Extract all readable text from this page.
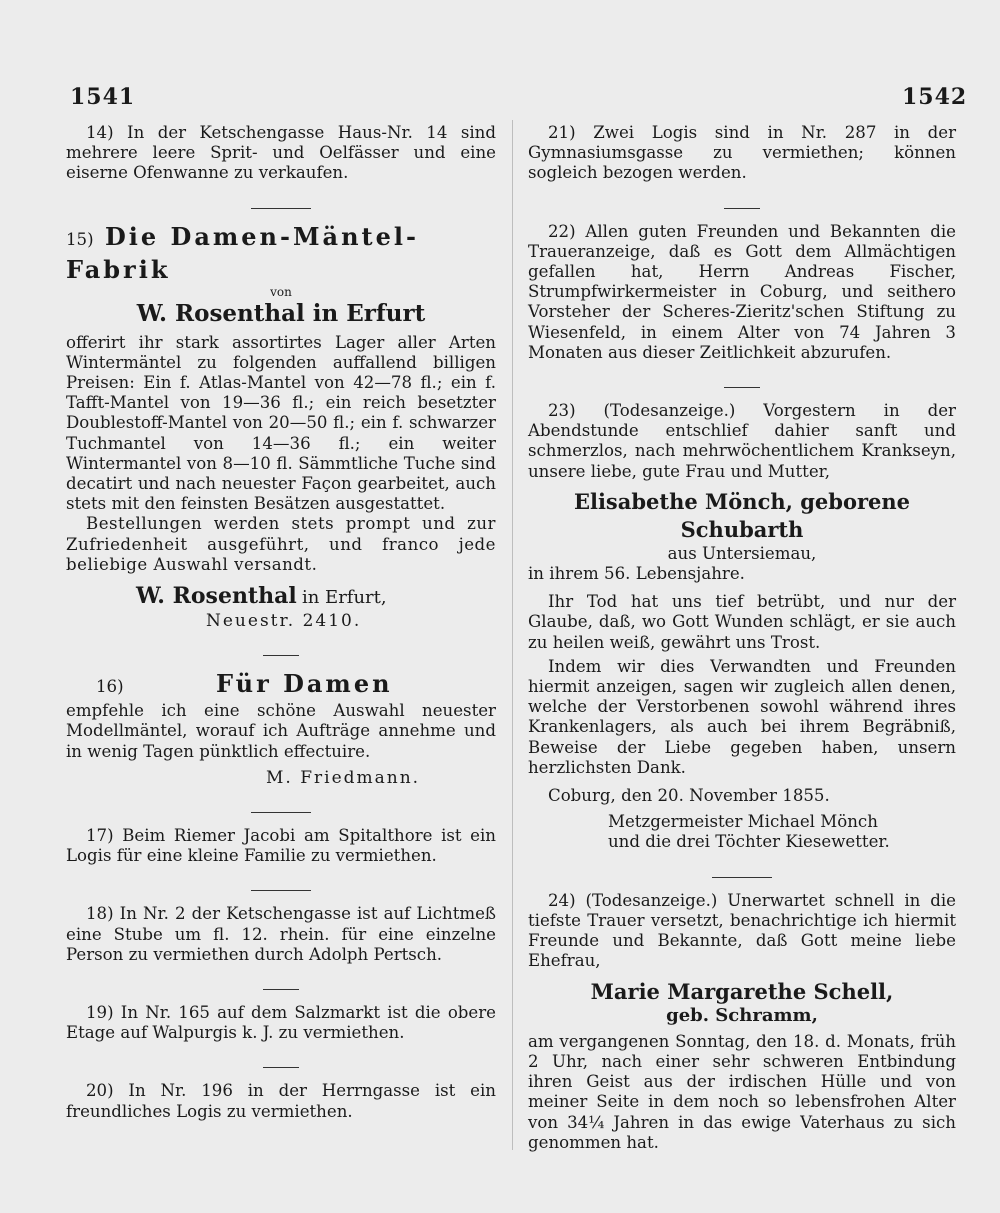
1541	1542

14) In der Ketschengasse Haus-Nr. 14 sind mehrere leere Sprit- und Oelfässer und eine eiserne Ofenwanne zu verkaufen.

15) Die Damen-Mäntel-Fabrik
von
W. Rosenthal in Erfurt

offerirt ihr stark assortirtes Lager aller Arten Wintermäntel zu folgenden auffallend billigen Preisen: Ein f. Atlas-Mantel von 42—78 fl.; ein f. Tafft-Mantel von 19—36 fl.; ein reich besetzter Doublestoff-Mantel von 20—50 fl.; ein f. schwarzer Tuchmantel von 14—36 fl.; ein weiter Wintermantel von 8—10 fl. Sämmtliche Tuche sind decatirt und nach neuester Façon gearbeitet, auch stets mit den feinsten Besätzen ausgestattet.

Bestellungen werden stets prompt und zur Zufriedenheit ausgeführt, und franco jede beliebige Auswahl versandt.

W. Rosenthal in Erfurt,
Neuestr. 2410.
16)	Für Damen

empfehle ich eine schöne Auswahl neuester Modellmäntel, worauf ich Aufträge annehme und in wenig Tagen pünktlich effectuire.

M. Friedmann.

17) Beim Riemer Jacobi am Spitalthore ist ein Logis für eine kleine Familie zu vermiethen.

18) In Nr. 2 der Ketschengasse ist auf Lichtmeß eine Stube um fl. 12. rhein. für eine einzelne Person zu vermiethen durch Adolph Pertsch.

19) In Nr. 165 auf dem Salzmarkt ist die obere Etage auf Walpurgis k. J. zu vermiethen.

20) In Nr. 196 in der Herrngasse ist ein freundliches Logis zu vermiethen.

21) Zwei Logis sind in Nr. 287 in der Gymnasiumsgasse zu vermiethen; können sogleich bezogen werden.

22) Allen guten Freunden und Bekannten die Traueranzeige, daß es Gott dem Allmächtigen gefallen hat, Herrn Andreas Fischer, Strumpfwirkermeister in Coburg, und seithero Vorsteher der Scheres-Zieritz'schen Stiftung zu Wiesenfeld, in einem Alter von 74 Jahren 3 Monaten aus dieser Zeitlichkeit abzurufen.

23) (Todesanzeige.) Vorgestern in der Abendstunde entschlief dahier sanft und schmerzlos, nach mehrwöchentlichem Krankseyn, unsere liebe, gute Frau und Mutter,

Elisabethe Mönch, geborene Schubarth
aus Untersiemau,

in ihrem 56. Lebensjahre.

Ihr Tod hat uns tief betrübt, und nur der Glaube, daß, wo Gott Wunden schlägt, er sie auch zu heilen weiß, gewährt uns Trost.

Indem wir dies Verwandten und Freunden hiermit anzeigen, sagen wir zugleich allen denen, welche der Verstorbenen sowohl während ihres Krankenlagers, als auch bei ihrem Begräbniß, Beweise der Liebe gegeben haben, unsern herzlichsten Dank.

Coburg, den 20. November 1855.

Metzgermeister Michael Mönch
und die drei Töchter Kiesewetter.

24) (Todesanzeige.) Unerwartet schnell in die tiefste Trauer versetzt, benachrichtige ich hiermit Freunde und Bekannte, daß Gott meine liebe Ehefrau,

Marie Margarethe Schell,
geb. Schramm,

am vergangenen Sonntag, den 18. d. Monats, früh 2 Uhr, nach einer sehr schweren Entbindung ihren Geist aus der irdischen Hülle und von meiner Seite in dem noch so lebensfrohen Alter von 34¼ Jahren in das ewige Vaterhaus zu sich genommen hat.
